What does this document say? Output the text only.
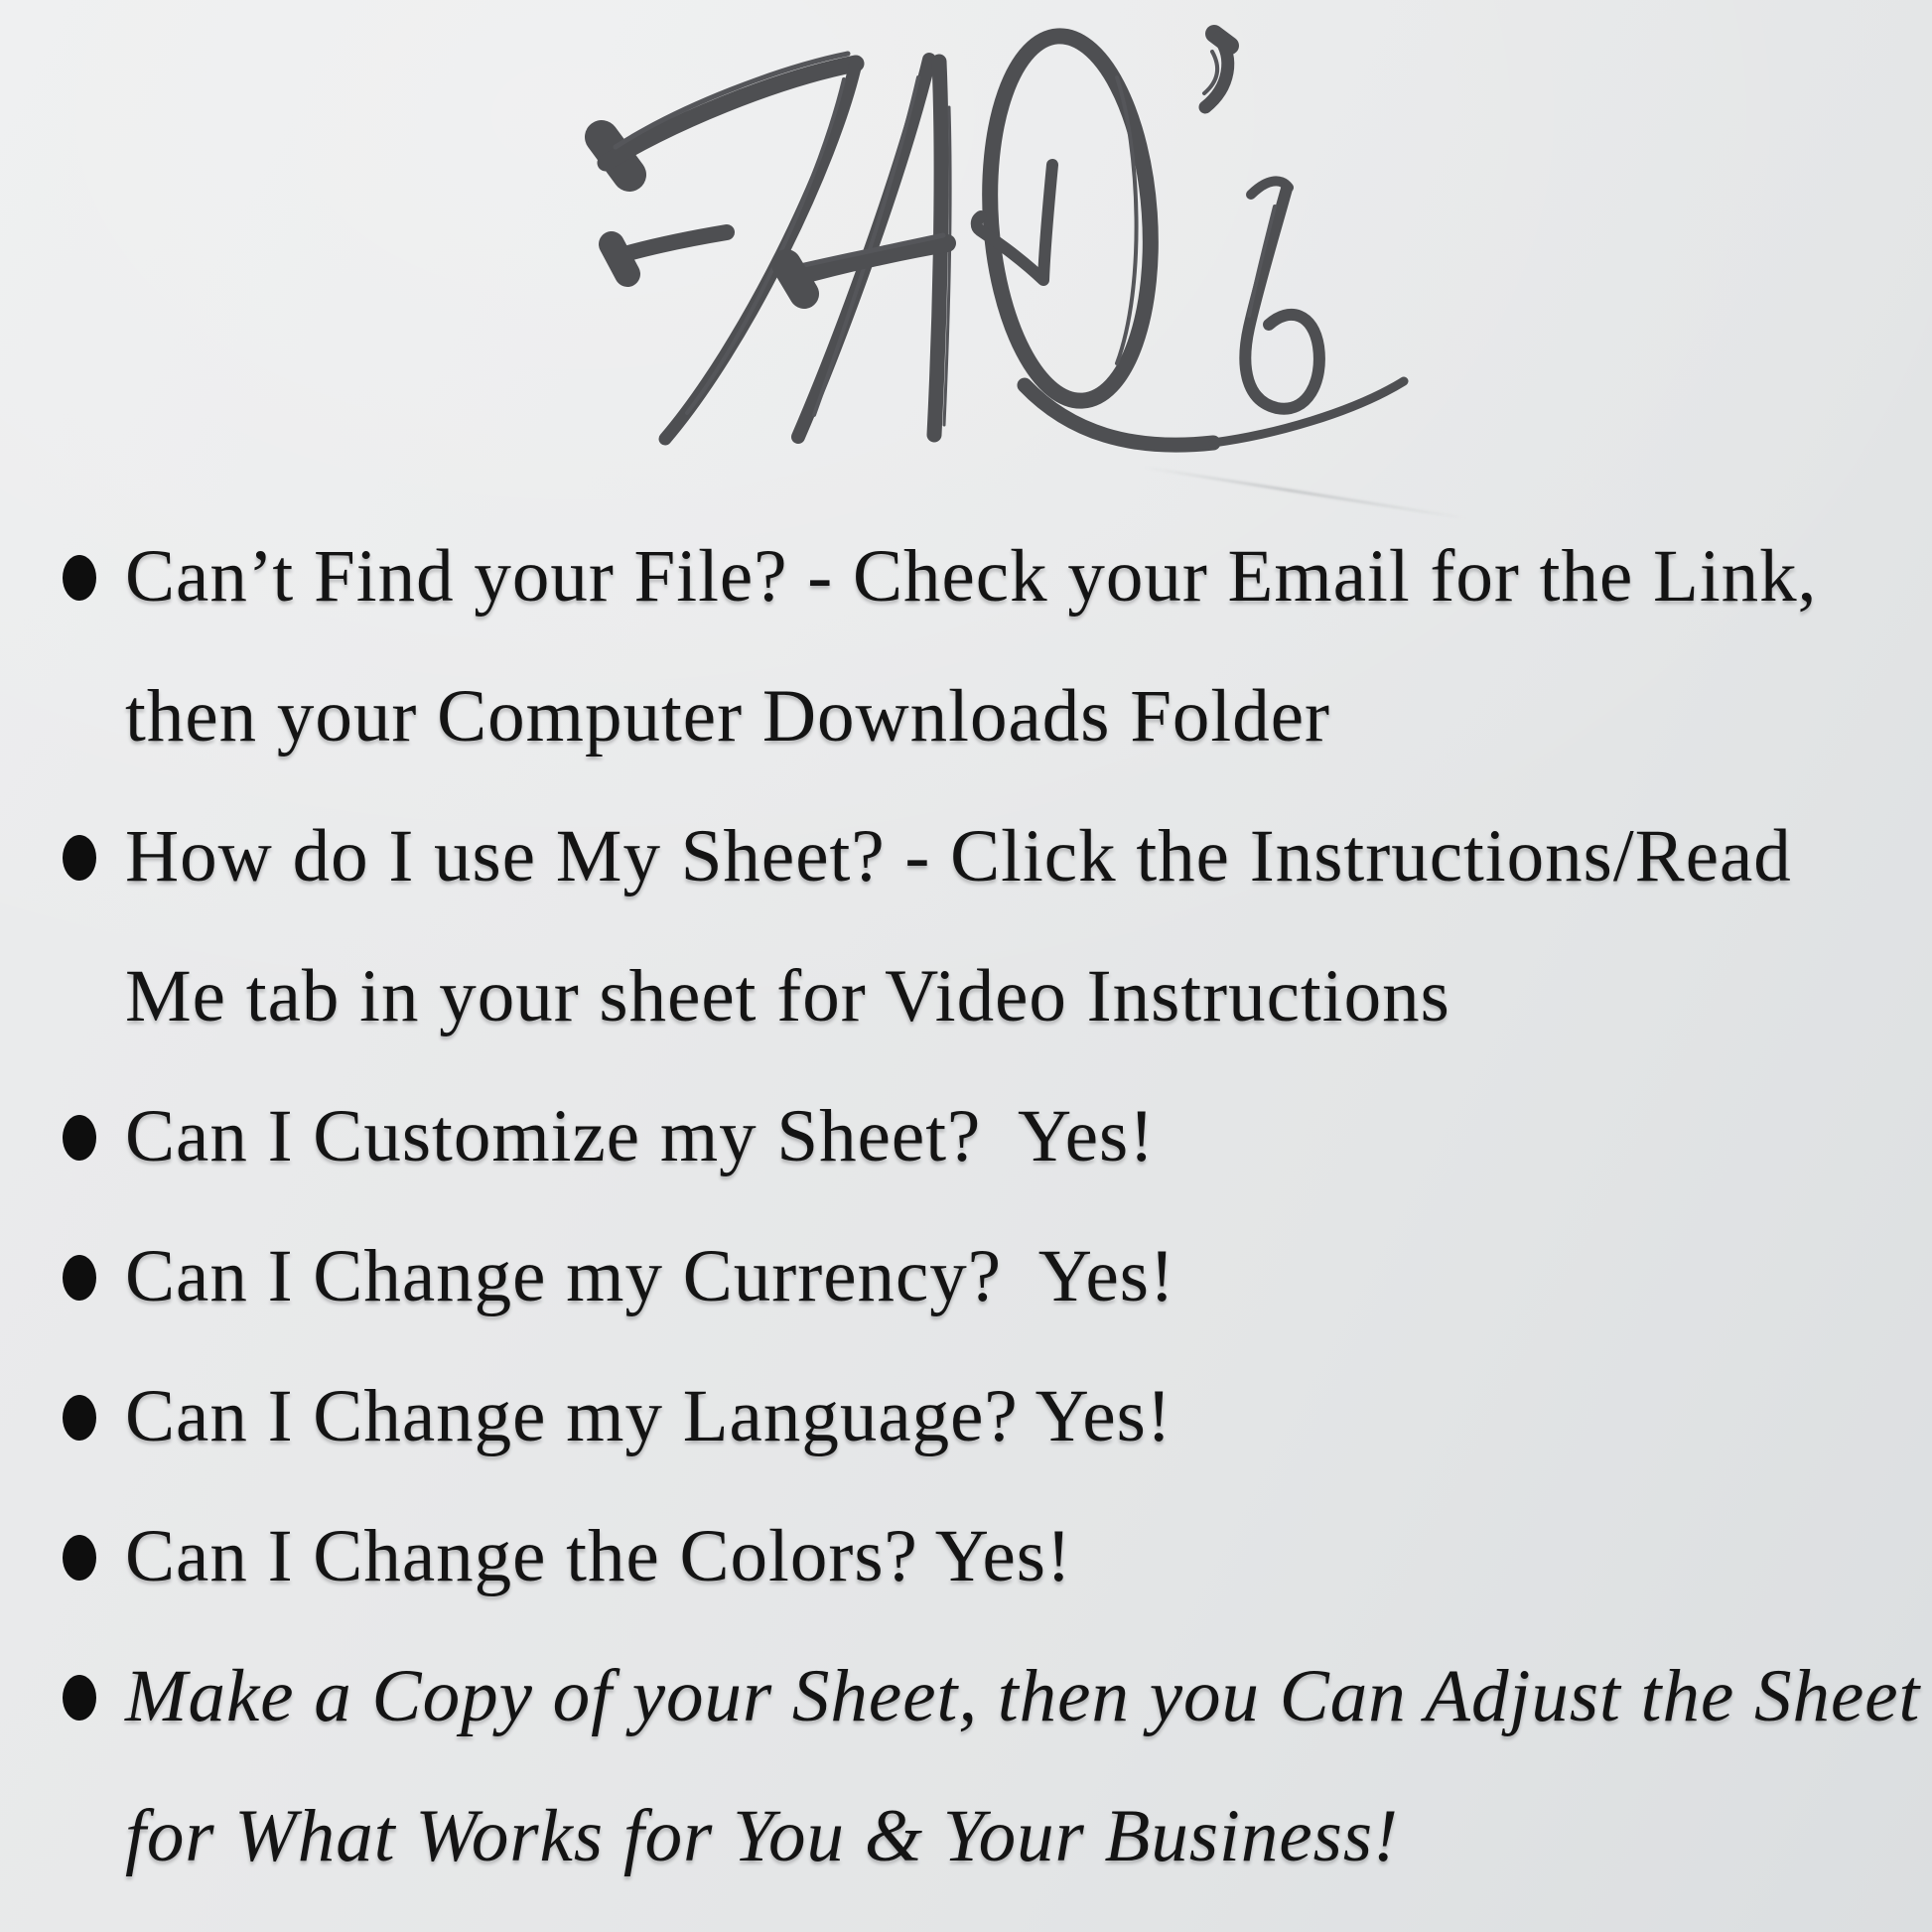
Can’t Find your File? - Check your Email for the Link,
then your Computer Downloads Folder
How do I use My Sheet? - Click the Instructions/Read
Me tab in your sheet for Video Instructions
Can I Customize my Sheet?  Yes!
Can I Change my Currency?  Yes!
Can I Change my Language? Yes!
Can I Change the Colors? Yes!
Make a Copy of your Sheet, then you Can Adjust the Sheet
for What Works for You & Your Business!
